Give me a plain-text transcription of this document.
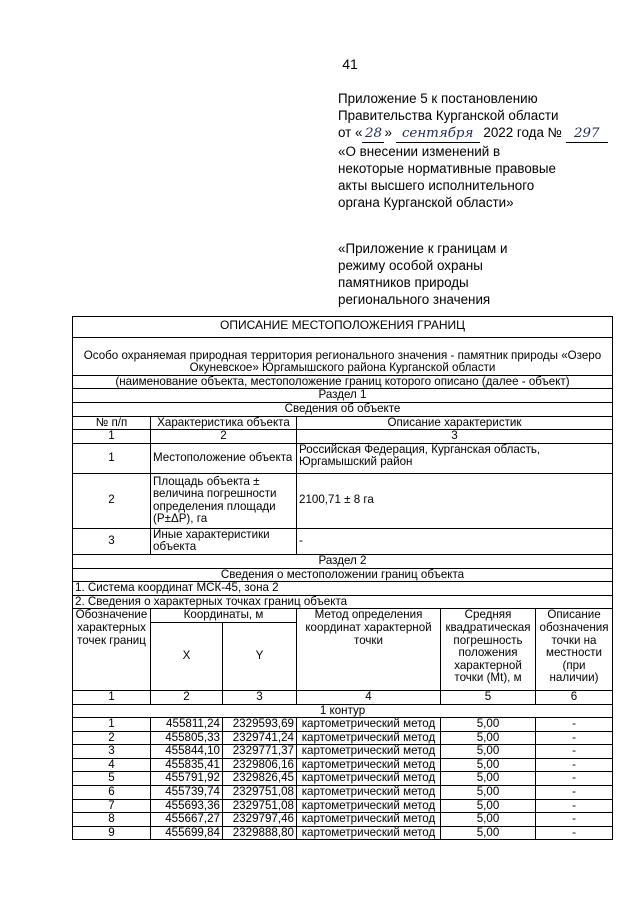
41
Приложение 5 к постановлению
Правительства Курганской области
от « 28 » сентября 2022 года № 297
«О внесении изменений в
некоторые нормативные правовые
акты высшего исполнительного
органа Курганской области»
«Приложение к границам и
режиму особой охраны
памятников природы
регионального значения
ОПИСАНИЕ МЕСТОПОЛОЖЕНИЯ ГРАНИЦ					
Особо охраняемая природная территория регионального значения - памятник природы «Озеро Окуневское» Юргамышского района Курганской области					
(наименование объекта, местоположение границ которого описано (далее - объект)					
Раздел 1					
Сведения об объекте					
№ п/п	Характеристика объекта		Описание характеристик		
1	2		3		
1	Местоположение объекта		Российская Федерация, Курганская область, Юргамышский район		
2	Площадь объекта ± величина погрешности определения площади (P±ΔP), га		2100,71 ± 8 га		
3	Иные характеристики объекта		-		
Раздел 2					
Сведения о местоположении границ объекта					
1. Система координат МСК-45, зона 2					
2. Сведения о характерных точках границ объекта					
Обозначение характерных точек границ	Координаты, м		Метод определения координат характерной точки	Средняя квадратическая погрешность положения характерной точки (Mt), м	Описание обозначения точки на местности (при наличии)
	X	Y			
1	2	3	4	5	6
1 контур					
1	455811,24	2329593,69	картометрический метод	5,00	-
2	455805,33	2329741,24	картометрический метод	5,00	-
3	455844,10	2329771,37	картометрический метод	5,00	-
4	455835,41	2329806,16	картометрический метод	5,00	-
5	455791,92	2329826,45	картометрический метод	5,00	-
6	455739,74	2329751,08	картометрический метод	5,00	-
7	455693,36	2329751,08	картометрический метод	5,00	-
8	455667,27	2329797,46	картометрический метод	5,00	-
9	455699,84	2329888,80	картометрический метод	5,00	-
